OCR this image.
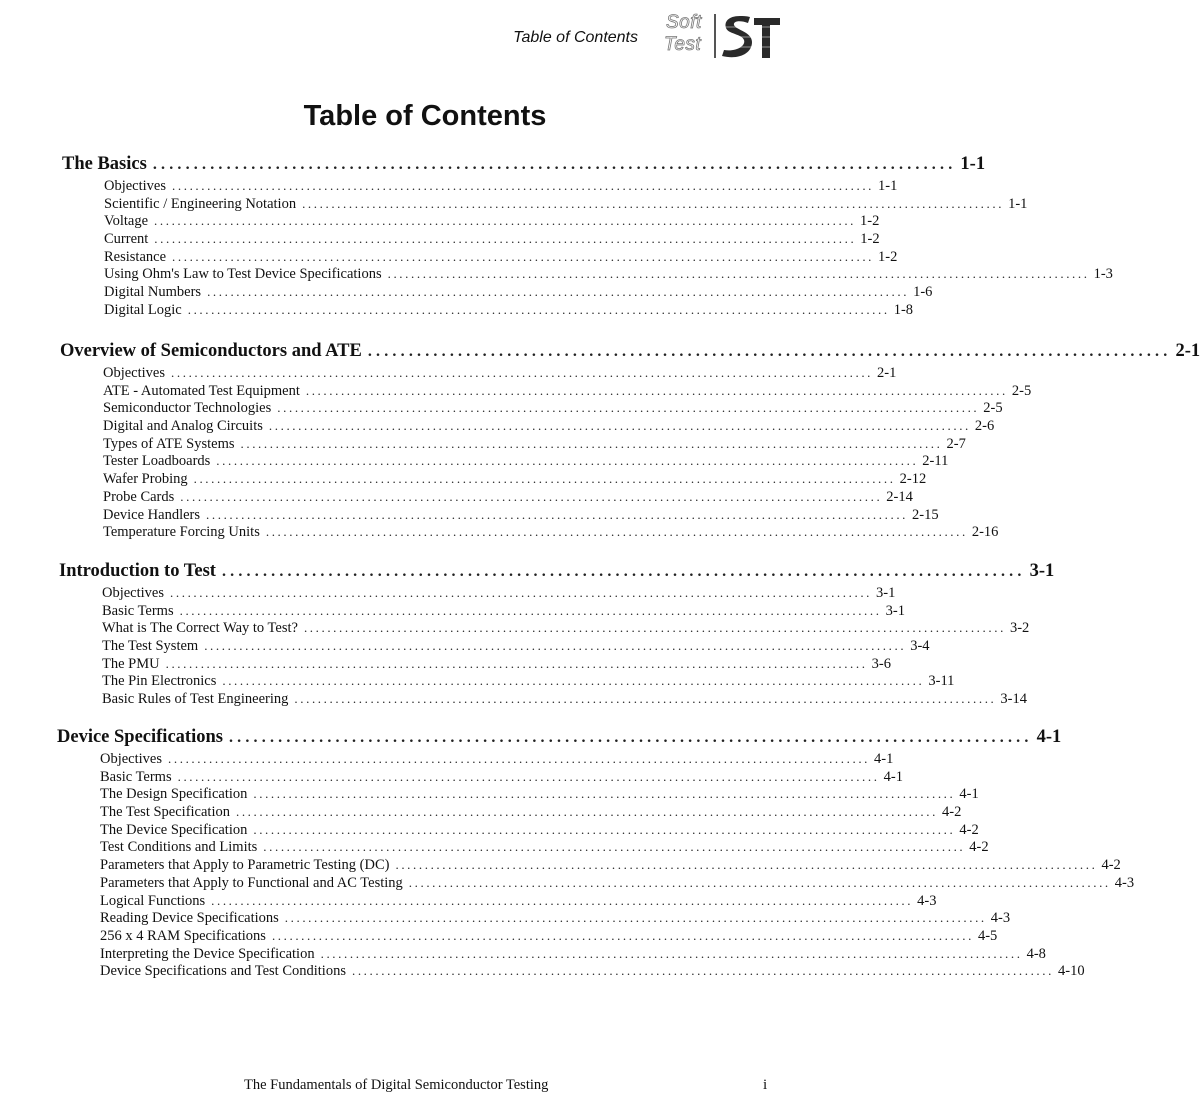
Table of Contents
Soft
Test
Table of Contents
The Basics .................................................................................................. 1-1
Objectives ........................................................................................................................ 1-1
Scientific / Engineering Notation ........................................................................................................................ 1-1
Voltage ........................................................................................................................ 1-2
Current ........................................................................................................................ 1-2
Resistance ........................................................................................................................ 1-2
Using Ohm's Law to Test Device Specifications ........................................................................................................................ 1-3
Digital Numbers ........................................................................................................................ 1-6
Digital Logic ........................................................................................................................ 1-8
Overview of Semiconductors and ATE .................................................................................................. 2-1
Objectives ........................................................................................................................ 2-1
ATE - Automated Test Equipment ........................................................................................................................ 2-5
Semiconductor Technologies ........................................................................................................................ 2-5
Digital and Analog Circuits ........................................................................................................................ 2-6
Types of ATE Systems ........................................................................................................................ 2-7
Tester Loadboards ........................................................................................................................ 2-11
Wafer Probing ........................................................................................................................ 2-12
Probe Cards ........................................................................................................................ 2-14
Device Handlers ........................................................................................................................ 2-15
Temperature Forcing Units ........................................................................................................................ 2-16
Introduction to Test .................................................................................................. 3-1
Objectives ........................................................................................................................ 3-1
Basic Terms ........................................................................................................................ 3-1
What is The Correct Way to Test? ........................................................................................................................ 3-2
The Test System ........................................................................................................................ 3-4
The PMU ........................................................................................................................ 3-6
The Pin Electronics ........................................................................................................................ 3-11
Basic Rules of Test Engineering ........................................................................................................................ 3-14
Device Specifications .................................................................................................. 4-1
Objectives ........................................................................................................................ 4-1
Basic Terms ........................................................................................................................ 4-1
The Design Specification ........................................................................................................................ 4-1
The Test Specification ........................................................................................................................ 4-2
The Device Specification ........................................................................................................................ 4-2
Test Conditions and Limits ........................................................................................................................ 4-2
Parameters that Apply to Parametric Testing (DC) ........................................................................................................................ 4-2
Parameters that Apply to Functional and AC Testing ........................................................................................................................ 4-3
Logical Functions ........................................................................................................................ 4-3
Reading Device Specifications ........................................................................................................................ 4-3
256 x 4 RAM Specifications ........................................................................................................................ 4-5
Interpreting the Device Specification ........................................................................................................................ 4-8
Device Specifications and Test Conditions ........................................................................................................................ 4-10
The Fundamentals of Digital Semiconductor Testing	i
